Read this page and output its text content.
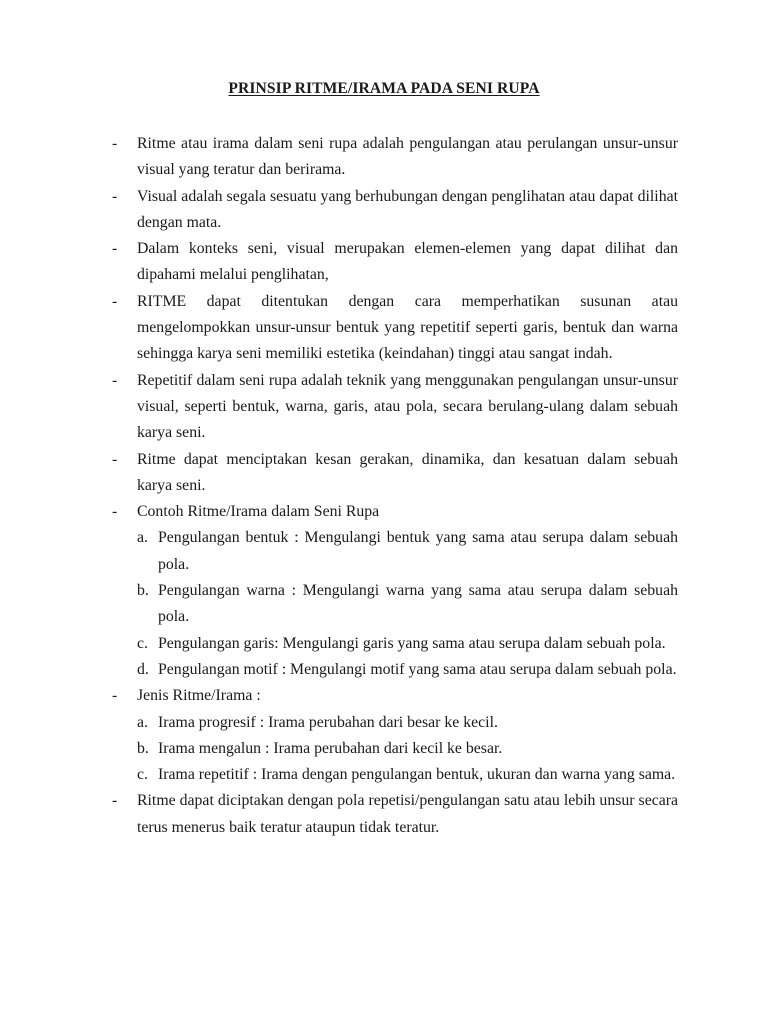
PRINSIP RITME/IRAMA PADA SENI RUPA
-	Ritme atau irama dalam seni rupa adalah pengulangan atau perulangan unsur-unsur visual yang teratur dan berirama.
-	Visual adalah segala sesuatu yang berhubungan dengan penglihatan atau dapat dilihat dengan mata.
-	Dalam konteks seni, visual merupakan elemen-elemen yang dapat dilihat dan dipahami melalui penglihatan,
-	RITME dapat ditentukan dengan cara memperhatikan susunan atau mengelompokkan unsur-unsur bentuk yang repetitif seperti garis, bentuk dan warna sehingga karya seni memiliki estetika (keindahan) tinggi atau sangat indah.
-	Repetitif dalam seni rupa adalah teknik yang menggunakan pengulangan unsur-unsur visual, seperti bentuk, warna, garis, atau pola, secara berulang-ulang dalam sebuah karya seni.
-	Ritme dapat menciptakan kesan gerakan, dinamika, dan kesatuan dalam sebuah karya seni.
-	Contoh Ritme/Irama dalam Seni Rupa
a. Pengulangan bentuk : Mengulangi bentuk yang sama atau serupa dalam sebuah pola.
b. Pengulangan warna : Mengulangi warna yang sama atau serupa dalam sebuah pola.
c. Pengulangan garis: Mengulangi garis yang sama atau serupa dalam sebuah pola.
d. Pengulangan motif : Mengulangi motif yang sama atau serupa dalam sebuah pola.
-	Jenis Ritme/Irama :
a. Irama progresif : Irama perubahan dari besar ke kecil.
b. Irama mengalun : Irama perubahan dari kecil ke besar.
c. Irama repetitif : Irama dengan pengulangan bentuk, ukuran dan warna yang sama.
-	Ritme dapat diciptakan dengan pola repetisi/pengulangan satu atau lebih unsur secara terus menerus baik teratur ataupun tidak teratur.
